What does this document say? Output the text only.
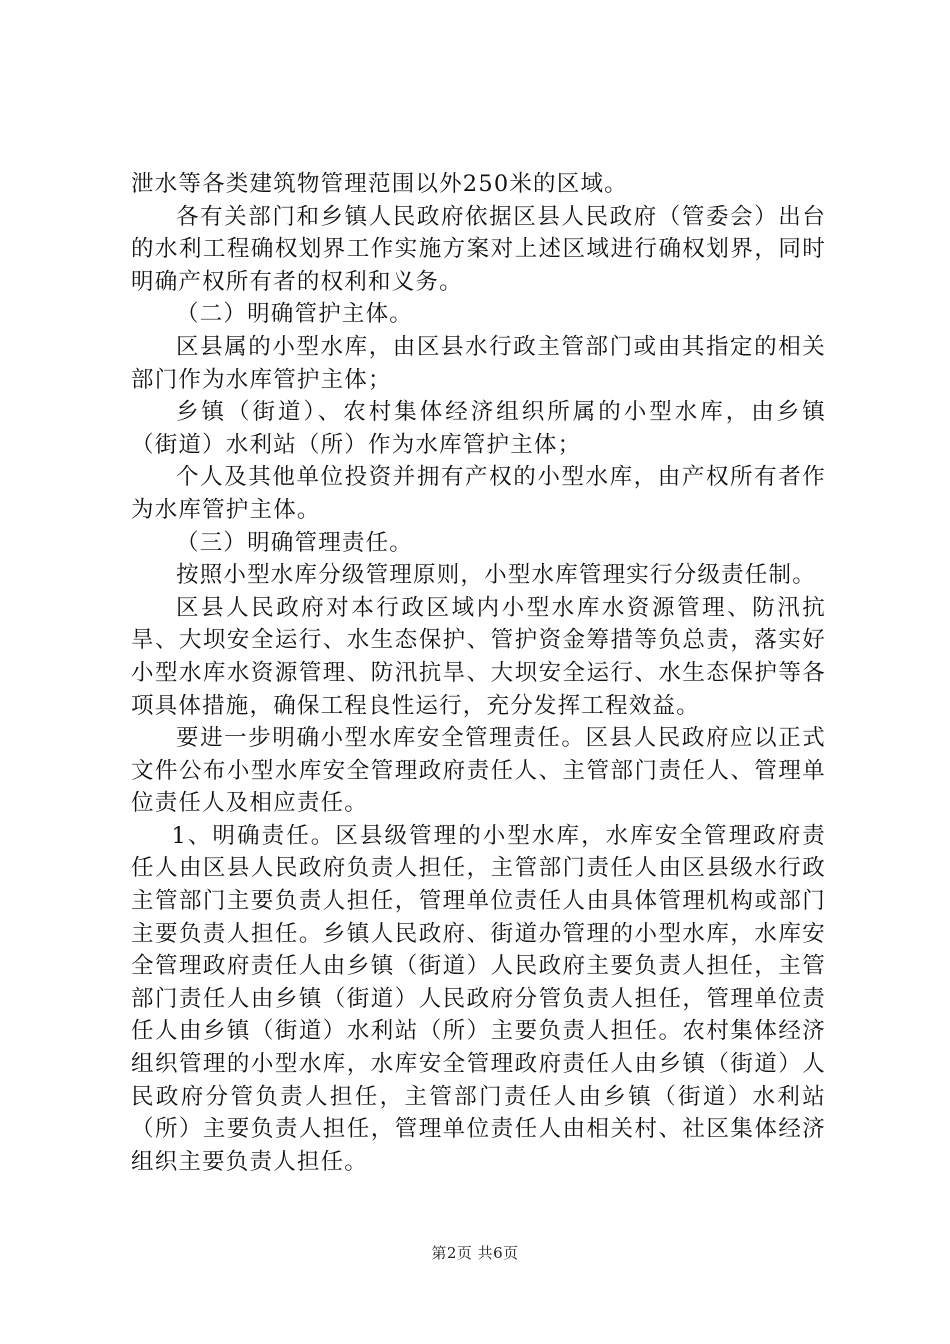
泄水等各类建筑物管理范围以外250米的区域。

各有关部门和乡镇人民政府依据区县人民政府（管委会）出台的水利工程确权划界工作实施方案对上述区域进行确权划界，同时明确产权所有者的权利和义务。

（二）明确管护主体。

区县属的小型水库，由区县水行政主管部门或由其指定的相关部门作为水库管护主体；

乡镇（街道）、农村集体经济组织所属的小型水库，由乡镇（街道）水利站（所）作为水库管护主体；

个人及其他单位投资并拥有产权的小型水库，由产权所有者作为水库管护主体。

（三）明确管理责任。

按照小型水库分级管理原则，小型水库管理实行分级责任制。

区县人民政府对本行政区域内小型水库水资源管理、防汛抗旱、大坝安全运行、水生态保护、管护资金筹措等负总责，落实好小型水库水资源管理、防汛抗旱、大坝安全运行、水生态保护等各项具体措施，确保工程良性运行，充分发挥工程效益。

要进一步明确小型水库安全管理责任。区县人民政府应以正式文件公布小型水库安全管理政府责任人、主管部门责任人、管理单位责任人及相应责任。

1、明确责任。区县级管理的小型水库，水库安全管理政府责任人由区县人民政府负责人担任，主管部门责任人由区县级水行政主管部门主要负责人担任，管理单位责任人由具体管理机构或部门主要负责人担任。乡镇人民政府、街道办管理的小型水库，水库安全管理政府责任人由乡镇（街道）人民政府主要负责人担任，主管部门责任人由乡镇（街道）人民政府分管负责人担任，管理单位责任人由乡镇（街道）水利站（所）主要负责人担任。农村集体经济组织管理的小型水库，水库安全管理政府责任人由乡镇（街道）人民政府分管负责人担任，主管部门责任人由乡镇（街道）水利站（所）主要负责人担任，管理单位责任人由相关村、社区集体经济组织主要负责人担任。

第2页 共6页
